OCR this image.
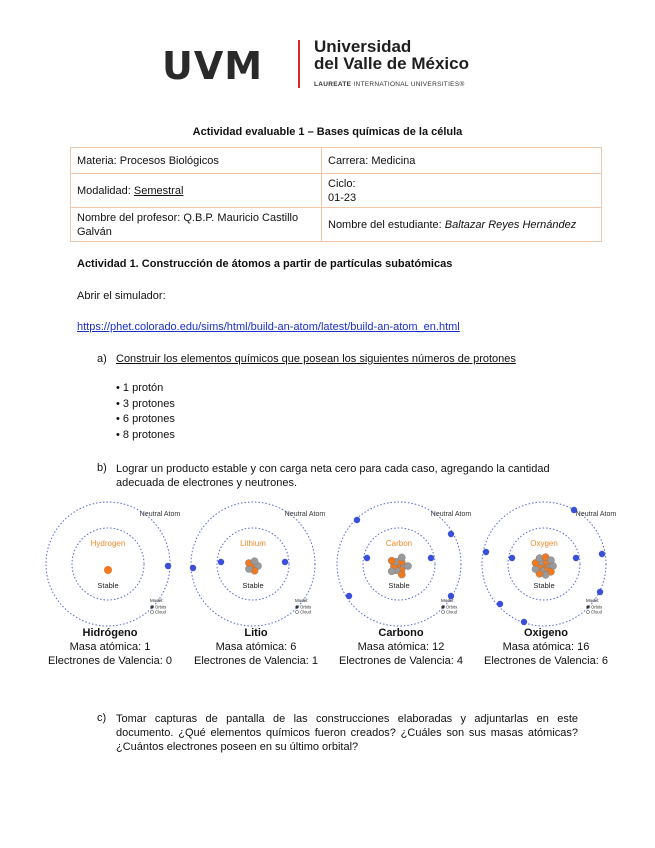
UVM	Universidad
del Valle de México
LAUREATE INTERNATIONAL UNIVERSITIES®
Actividad evaluable 1 – Bases químicas de la célula
Materia: Procesos Biológicos	Carrera: Medicina
Modalidad: Semestral	Ciclo:
01-23
Nombre del profesor: Q.B.P. Mauricio Castillo Galván	Nombre del estudiante: Baltazar Reyes Hernández
Actividad 1. Construcción de átomos a partir de partículas subatómicas
Abrir el simulador:
https://phet.colorado.edu/sims/html/build-an-atom/latest/build-an-atom_en.html
a) Construir los elementos químicos que posean los siguientes números de protones
• 1 protón
• 3 protones
• 6 protones
• 8 protones
b) Lograr un producto estable y con carga neta cero para cada caso, agregando la cantidad
adecuada de electrones y neutrones.
Hydrogen
Stable
Neutral Atom
Model:
Orbits
Cloud
Lithium
Stable
Neutral Atom
Model:
Orbits
Cloud
Carbon
Stable
Neutral Atom
Model:
Orbits
Cloud
Oxygen
Stable
Neutral Atom
Model:
Orbits
Cloud
Hidrógeno
Masa atómica: 1
Electrones de Valencia: 0
Litio
Masa atómica: 6
Electrones de Valencia: 1
Carbono
Masa atómica: 12
Electrones de Valencia: 4
Oxigeno
Masa atómica: 16
Electrones de Valencia: 6
c) Tomar capturas de pantalla de las construcciones elaboradas y adjuntarlas en este documento. ¿Qué elementos químicos fueron creados? ¿Cuáles son sus masas atómicas? ¿Cuántos electrones poseen en su último orbital?
